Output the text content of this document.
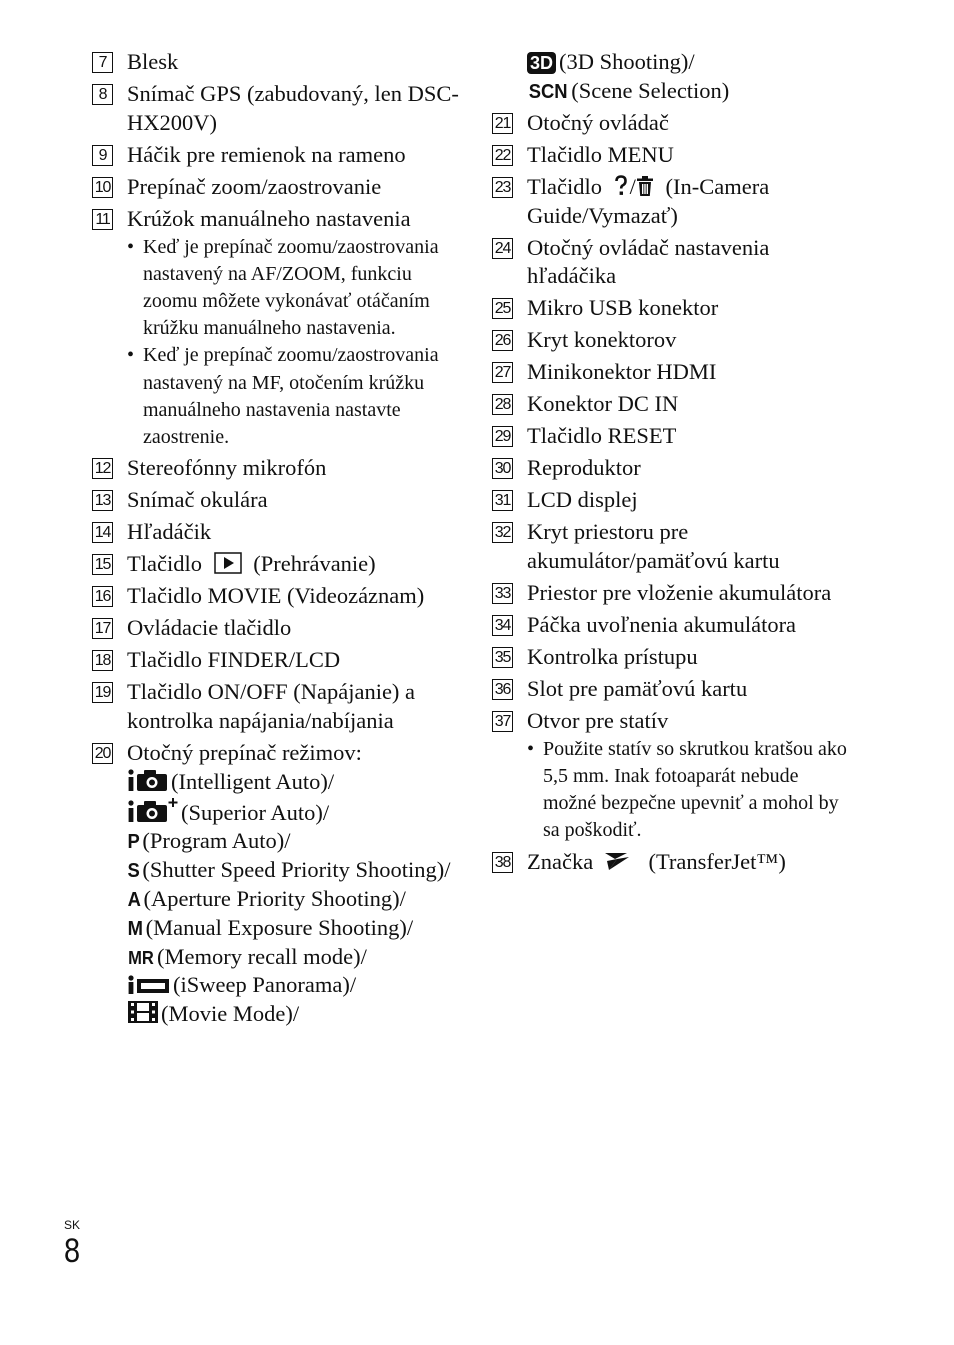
7 Blesk
8 Snímač GPS (zabudovaný, len DSC-HX200V)
9 Háčik pre remienok na rameno
10 Prepínač zoom/zaostrovanie
11 Krúžok manuálneho nastavenia
• Keď je prepínač zoomu/zaostrovania nastavený na AF/ZOOM, funkciu zoomu môžete vykonávať otáčaním krúžku manuálneho nastavenia.
• Keď je prepínač zoomu/zaostrovania nastavený na MF, otočením krúžku manuálneho nastavenia nastavte zaostrenie.
12 Stereofónny mikrofón
13 Snímač okulára
14 Hľadáčik
15 Tlačidlo (Prehrávanie)
16 Tlačidlo MOVIE (Videozáznam)
17 Ovládacie tlačidlo
18 Tlačidlo FINDER/LCD
19 Tlačidlo ON/OFF (Napájanie) a kontrolka napájania/nabíjania
20 Otočný prepínač režimov:
(Intelligent Auto)/
(Superior Auto)/
P (Program Auto)/
S (Shutter Speed Priority Shooting)/
A (Aperture Priority Shooting)/
M (Manual Exposure Shooting)/
MR (Memory recall mode)/
(iSweep Panorama)/
(Movie Mode)/
3D (3D Shooting)/
SCN (Scene Selection)
21 Otočný ovládač
22 Tlačidlo MENU
23 Tlačidlo / (In-Camera Guide/Vymazať)
24 Otočný ovládač nastavenia hľadáčika
25 Mikro USB konektor
26 Kryt konektorov
27 Minikonektor HDMI
28 Konektor DC IN
29 Tlačidlo RESET
30 Reproduktor
31 LCD displej
32 Kryt priestoru pre akumulátor/pamäťovú kartu
33 Priestor pre vloženie akumulátora
34 Páčka uvoľnenia akumulátora
35 Kontrolka prístupu
36 Slot pre pamäťovú kartu
37 Otvor pre statív
• Použite statív so skrutkou kratšou ako 5,5 mm. Inak fotoaparát nebude možné bezpečne upevniť a mohol by sa poškodiť.
38 Značka (TransferJet™)
SK
8
